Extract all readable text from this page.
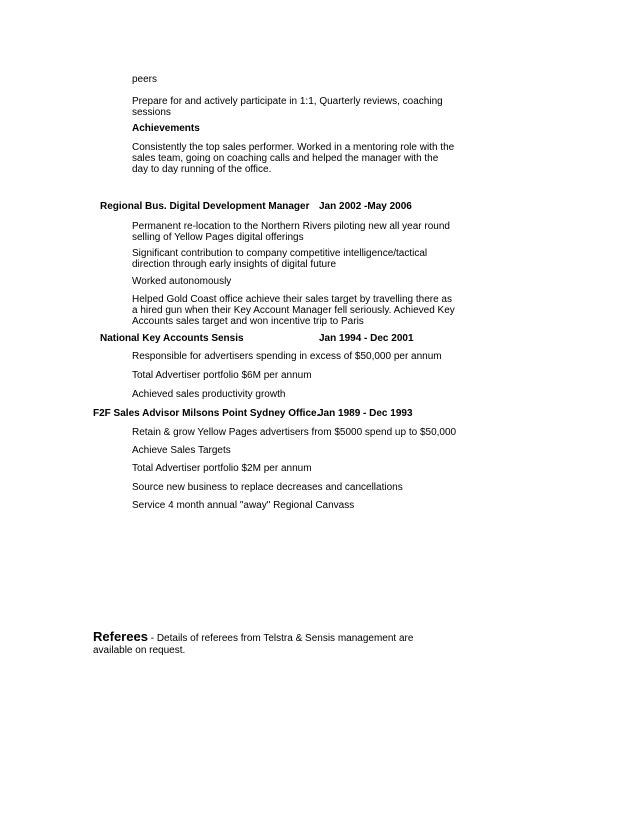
peers

Prepare for and actively participate in 1:1, Quarterly reviews, coaching sessions

Achievements

Consistently the top sales performer. Worked in a mentoring role with the sales team, going on coaching calls and helped the manager with the day to day running of the office.

Regional Bus. Digital Development Manager Jan 2002 -May 2006

Permanent re-location to the Northern Rivers piloting new all year round selling of Yellow Pages digital offerings

Significant contribution to company competitive intelligence/tactical direction through early insights of digital future

Worked autonomously

Helped Gold Coast office achieve their sales target by travelling there as a hired gun when their Key Account Manager fell seriously. Achieved Key Accounts sales target and won incentive trip to Paris

National Key Accounts Sensis	Jan 1994 - Dec 2001

Responsible for advertisers spending in excess of $50,000 per annum

Total Advertiser portfolio $6M per annum

Achieved sales productivity growth

F2F Sales Advisor Milsons Point Sydney Office.
Jan 1989 - Dec 1993

Retain & grow Yellow Pages advertisers from $5000 spend up to $50,000

Achieve Sales Targets

Total Advertiser portfolio $2M per annum

Source new business to replace decreases and cancellations

Service 4 month annual "away" Regional Canvass

Referees - Details of referees from Telstra & Sensis management are available on request.
